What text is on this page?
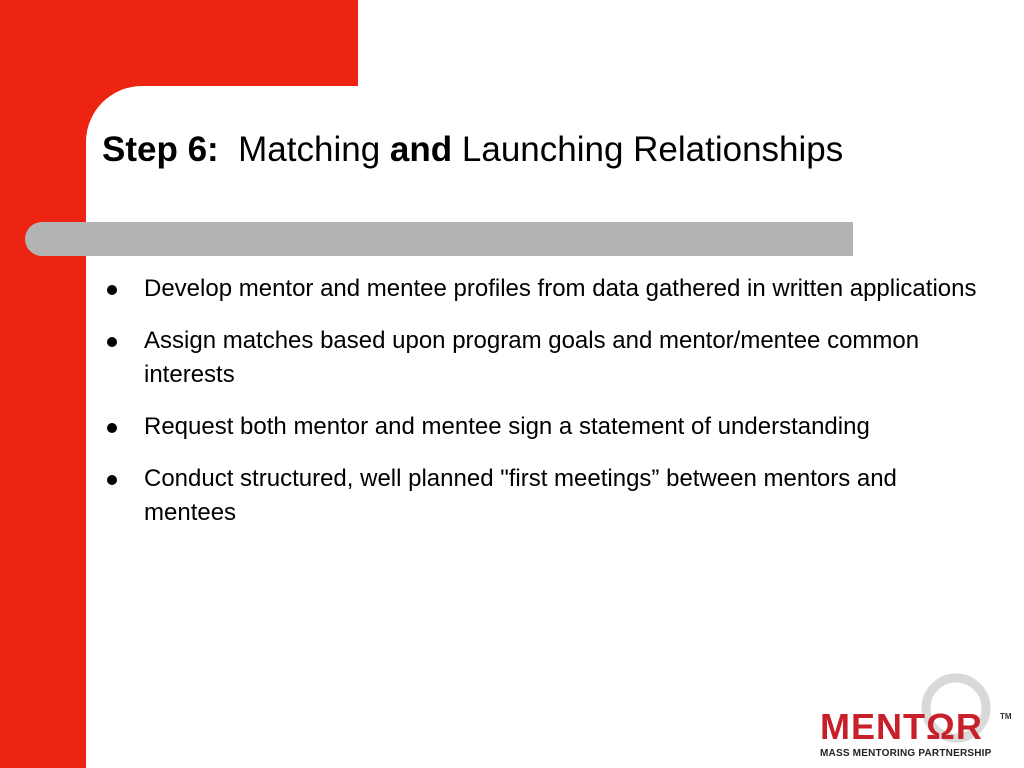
Step 6: Matching and Launching Relationships
Develop mentor and mentee profiles from data gathered in written applications
Assign matches based upon program goals and mentor/mentee common interests
Request both mentor and mentee sign a statement of understanding
Conduct structured, well planned "first meetings” between mentors and mentees
MENTΩR TM
MASS MENTORING PARTNERSHIP
